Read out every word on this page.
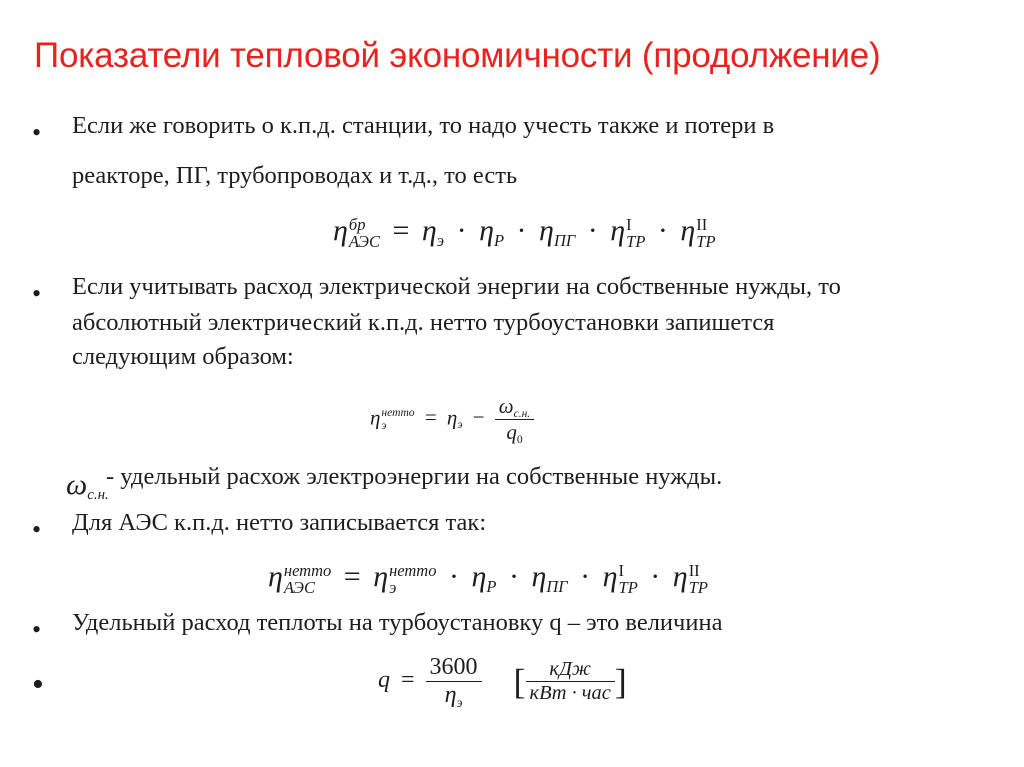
Показатели тепловой экономичности (продолжение)
• Если же говорить о к.п.д. станции, то надо учесть также и потери в
реакторе, ПГ, трубопроводах и т.д., то есть
η бр
АЭС = ηэ · ηР · ηПГ · η I
ТР · η II
ТР
• Если учитывать расход электрической энергии на собственные нужды, то
абсолютный электрический к.п.д. нетто турбоустановки запишется
следующим образом:
η нетто
э	= $\eta э - \frac{\omega с.н.}{q0}$
ωс.н.
- удельный расхож электроэнергии на собственные нужды.
• Для АЭС к.п.д. нетто записывается так:
η нетто
АЭС = η нетто
э	· ηР · ηПГ · η I
ТР · η II
ТР
• Удельный расход теплоты на турбоустановку q – это величина
•	$q = \frac{3600}{\eta э}$ [ $\frac{\text{кДж}}{\text{кВт · час}}$ ]
